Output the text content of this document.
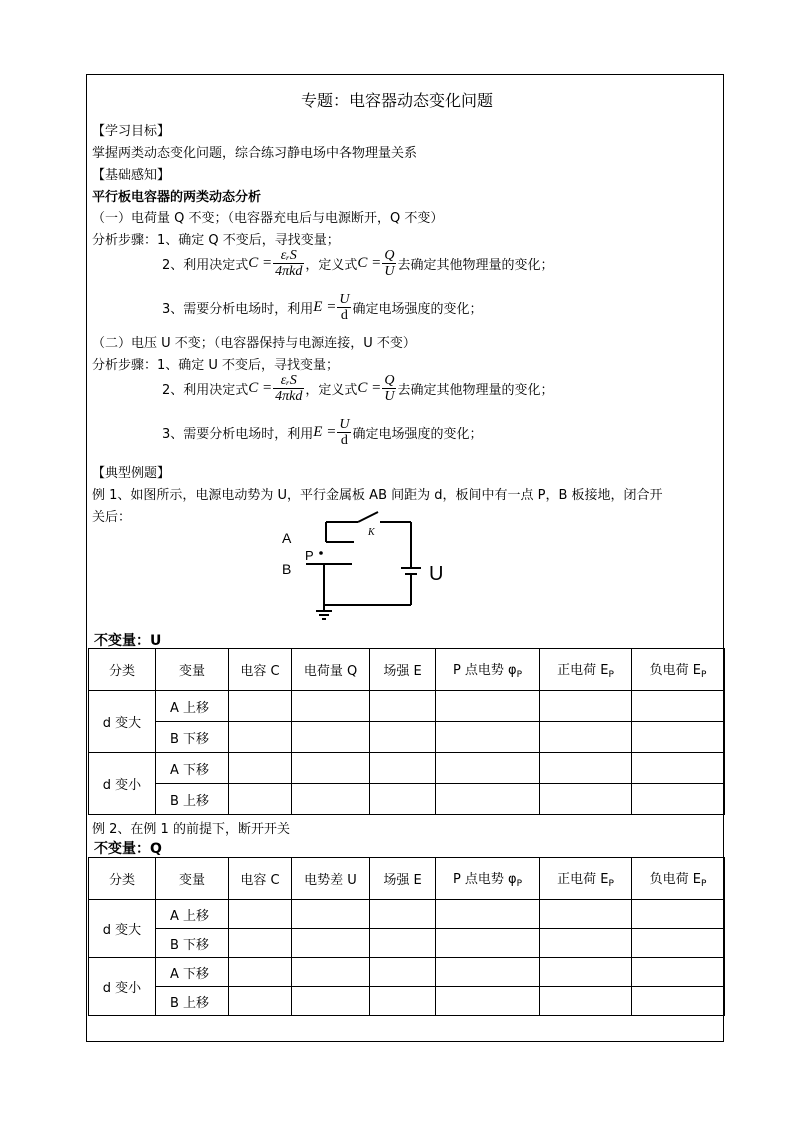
专题：电容器动态变化问题
【学习目标】
掌握两类动态变化问题，综合练习静电场中各物理量关系
【基础感知】
平行板电容器的两类动态分析
（一）电荷量 Q 不变；（电容器充电后与电源断开，Q 不变）
分析步骤：1、确定 Q 不变后，寻找变量；
2、利用决定式 $C = \frac{\text{εᵣS}}{\text{4πkd}}$ ，定义式 $C = \frac{Q}{U}$ 去确定其他物理量的变化；
3、需要分析电场时，利用 $E = \frac{U}{d}$ 确定电场强度的变化；
（二）电压 U 不变；（电容器保持与电源连接，U 不变）
分析步骤：1、确定 U 不变后，寻找变量；
2、利用决定式 $C = \frac{\text{εᵣS}}{\text{4πkd}}$ ，定义式 $C = \frac{Q}{U}$ 去确定其他物理量的变化；
3、需要分析电场时，利用 $E = \frac{U}{d}$ 确定电场强度的变化；
【典型例题】
例 1、如图所示，电源电动势为 U，平行金属板 AB 间距为 d，板间中有一点 P，B 板接地，闭合开
关后：
A
B
P
K
U
不变量：U
分类	变量	电容 C	电荷量 Q	场强 E	P 点电势 $\varphi_P$	正电荷 $E_P$	负电荷 $E_P$
d 变大	A 上移						
	B 下移						
d 变小	A 下移						
	B 上移						
例 2、在例 1 的前提下，断开开关
不变量：Q
分类	变量	电容 C	电势差 U	场强 E	P 点电势 $\varphi_P$	正电荷 $E_P$	负电荷 $E_P$
d 变大	A 上移						
	B 下移						
d 变小	A 下移						
	B 上移						
